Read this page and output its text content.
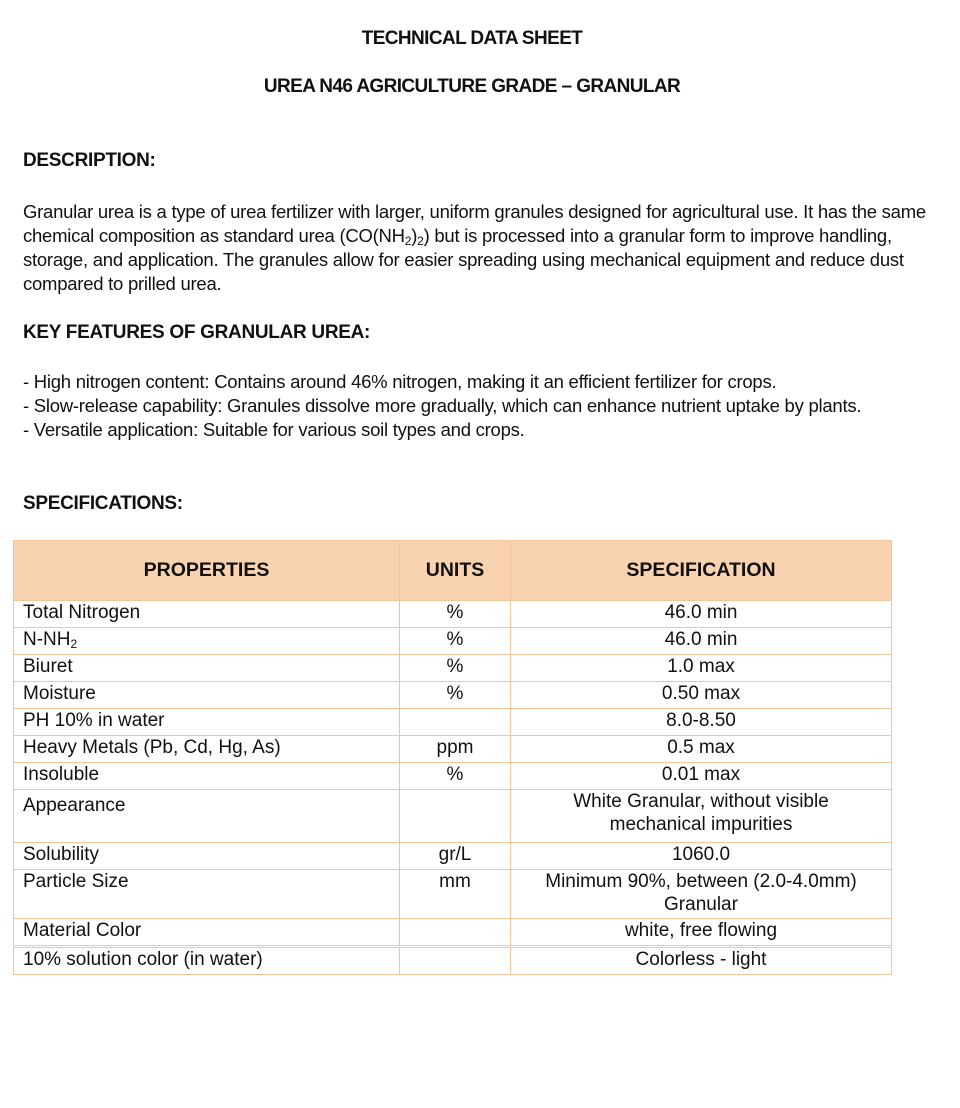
TECHNICAL DATA SHEET
UREA N46 AGRICULTURE GRADE – GRANULAR
DESCRIPTION:
Granular urea is a type of urea fertilizer with larger, uniform granules designed for agricultural use. It has the same chemical composition as standard urea $(CO(NH_2)_2)$ but is processed into a granular form to improve handling, storage, and application. The granules allow for easier spreading using mechanical equipment and reduce dust compared to prilled urea.
KEY FEATURES OF GRANULAR UREA:

- High nitrogen content: Contains around 46% nitrogen, making it an efficient fertilizer for crops.

- Slow-release capability: Granules dissolve more gradually, which can enhance nutrient uptake by plants.

- Versatile application: Suitable for various soil types and crops.

SPECIFICATIONS:
PROPERTIES	UNITS	SPECIFICATION
Total Nitrogen	%	46.0 min
$N-NH_2$	%	46.0 min
Biuret	%	1.0 max
Moisture	%	0.50 max
PH 10% in water		8.0-8.50
Heavy Metals (Pb, Cd, Hg, As)	ppm	0.5 max
Insoluble	%	0.01 max
Appearance		White Granular, without visible
mechanical impurities

Solubility	gr/L	1060.0
Particle Size	mm	Minimum 90%, between (2.0-4.0mm)
Granular

Material Color		white, free flowing
10% solution color (in water)		Colorless - light
